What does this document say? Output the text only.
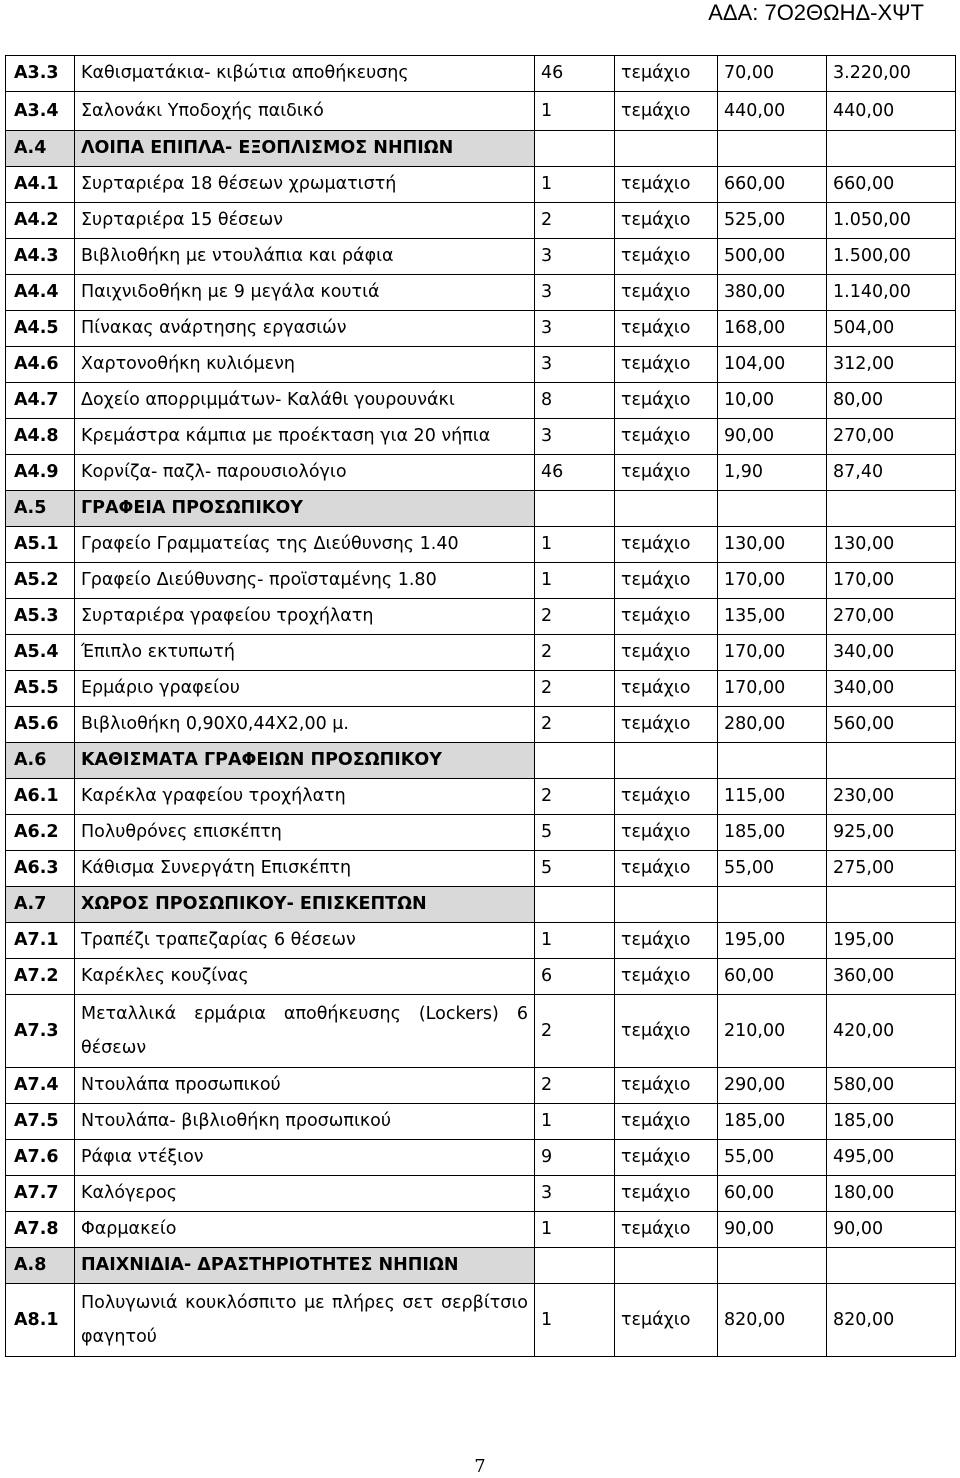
ΑΔΑ: 7Ο2ΘΩΗΔ-ΧΨΤ
Α3.3	Καθισματάκια- κιβώτια αποθήκευσης	46	τεμάχιο	70,00	3.220,00
Α3.4	Σαλονάκι Υποδοχής παιδικό	1	τεμάχιο	440,00	440,00
Α.4	ΛΟΙΠΑ ΕΠΙΠΛΑ- ΕΞΟΠΛΙΣΜΟΣ ΝΗΠΙΩΝ				
Α4.1	Συρταριέρα 18 θέσεων χρωματιστή	1	τεμάχιο	660,00	660,00
Α4.2	Συρταριέρα 15 θέσεων	2	τεμάχιο	525,00	1.050,00
Α4.3	Βιβλιοθήκη με ντουλάπια και ράφια	3	τεμάχιο	500,00	1.500,00
Α4.4	Παιχνιδοθήκη με 9 μεγάλα κουτιά	3	τεμάχιο	380,00	1.140,00
Α4.5	Πίνακας ανάρτησης εργασιών	3	τεμάχιο	168,00	504,00
Α4.6	Χαρτονοθήκη κυλιόμενη	3	τεμάχιο	104,00	312,00
Α4.7	Δοχείο απορριμμάτων- Καλάθι γουρουνάκι	8	τεμάχιο	10,00	80,00
Α4.8	Κρεμάστρα κάμπια με προέκταση για 20 νήπια	3	τεμάχιο	90,00	270,00
Α4.9	Κορνίζα- παζλ- παρουσιολόγιο	46	τεμάχιο	1,90	87,40
Α.5	ΓΡΑΦΕΙΑ ΠΡΟΣΩΠΙΚΟΥ				
Α5.1	Γραφείο Γραμματείας της Διεύθυνσης 1.40	1	τεμάχιο	130,00	130,00
Α5.2	Γραφείο Διεύθυνσης- προϊσταμένης 1.80	1	τεμάχιο	170,00	170,00
Α5.3	Συρταριέρα γραφείου τροχήλατη	2	τεμάχιο	135,00	270,00
Α5.4	Έπιπλο εκτυπωτή	2	τεμάχιο	170,00	340,00
Α5.5	Ερμάριο γραφείου	2	τεμάχιο	170,00	340,00
Α5.6	Βιβλιοθήκη 0,90Χ0,44Χ2,00 μ.	2	τεμάχιο	280,00	560,00
Α.6	ΚΑΘΙΣΜΑΤΑ ΓΡΑΦΕΙΩΝ ΠΡΟΣΩΠΙΚΟΥ				
Α6.1	Καρέκλα γραφείου τροχήλατη	2	τεμάχιο	115,00	230,00
Α6.2	Πολυθρόνες επισκέπτη	5	τεμάχιο	185,00	925,00
Α6.3	Κάθισμα Συνεργάτη Επισκέπτη	5	τεμάχιο	55,00	275,00
Α.7	ΧΩΡΟΣ ΠΡΟΣΩΠΙΚΟΥ- ΕΠΙΣΚΕΠΤΩΝ				
Α7.1	Τραπέζι τραπεζαρίας 6 θέσεων	1	τεμάχιο	195,00	195,00
Α7.2	Καρέκλες κουζίνας	6	τεμάχιο	60,00	360,00
Α7.3	Μεταλλικά ερμάρια αποθήκευσης (Lockers) 6 θέσεων	2	τεμάχιο	210,00	420,00
Α7.4	Ντουλάπα προσωπικού	2	τεμάχιο	290,00	580,00
Α7.5	Ντουλάπα- βιβλιοθήκη προσωπικού	1	τεμάχιο	185,00	185,00
Α7.6	Ράφια ντέξιον	9	τεμάχιο	55,00	495,00
Α7.7	Καλόγερος	3	τεμάχιο	60,00	180,00
Α7.8	Φαρμακείο	1	τεμάχιο	90,00	90,00
Α.8	ΠΑΙΧΝΙΔΙΑ- ΔΡΑΣΤΗΡΙΟΤΗΤΕΣ ΝΗΠΙΩΝ				
Α8.1	Πολυγωνιά κουκλόσπιτο με πλήρες σετ σερβίτσιο φαγητού	1	τεμάχιο	820,00	820,00
7
